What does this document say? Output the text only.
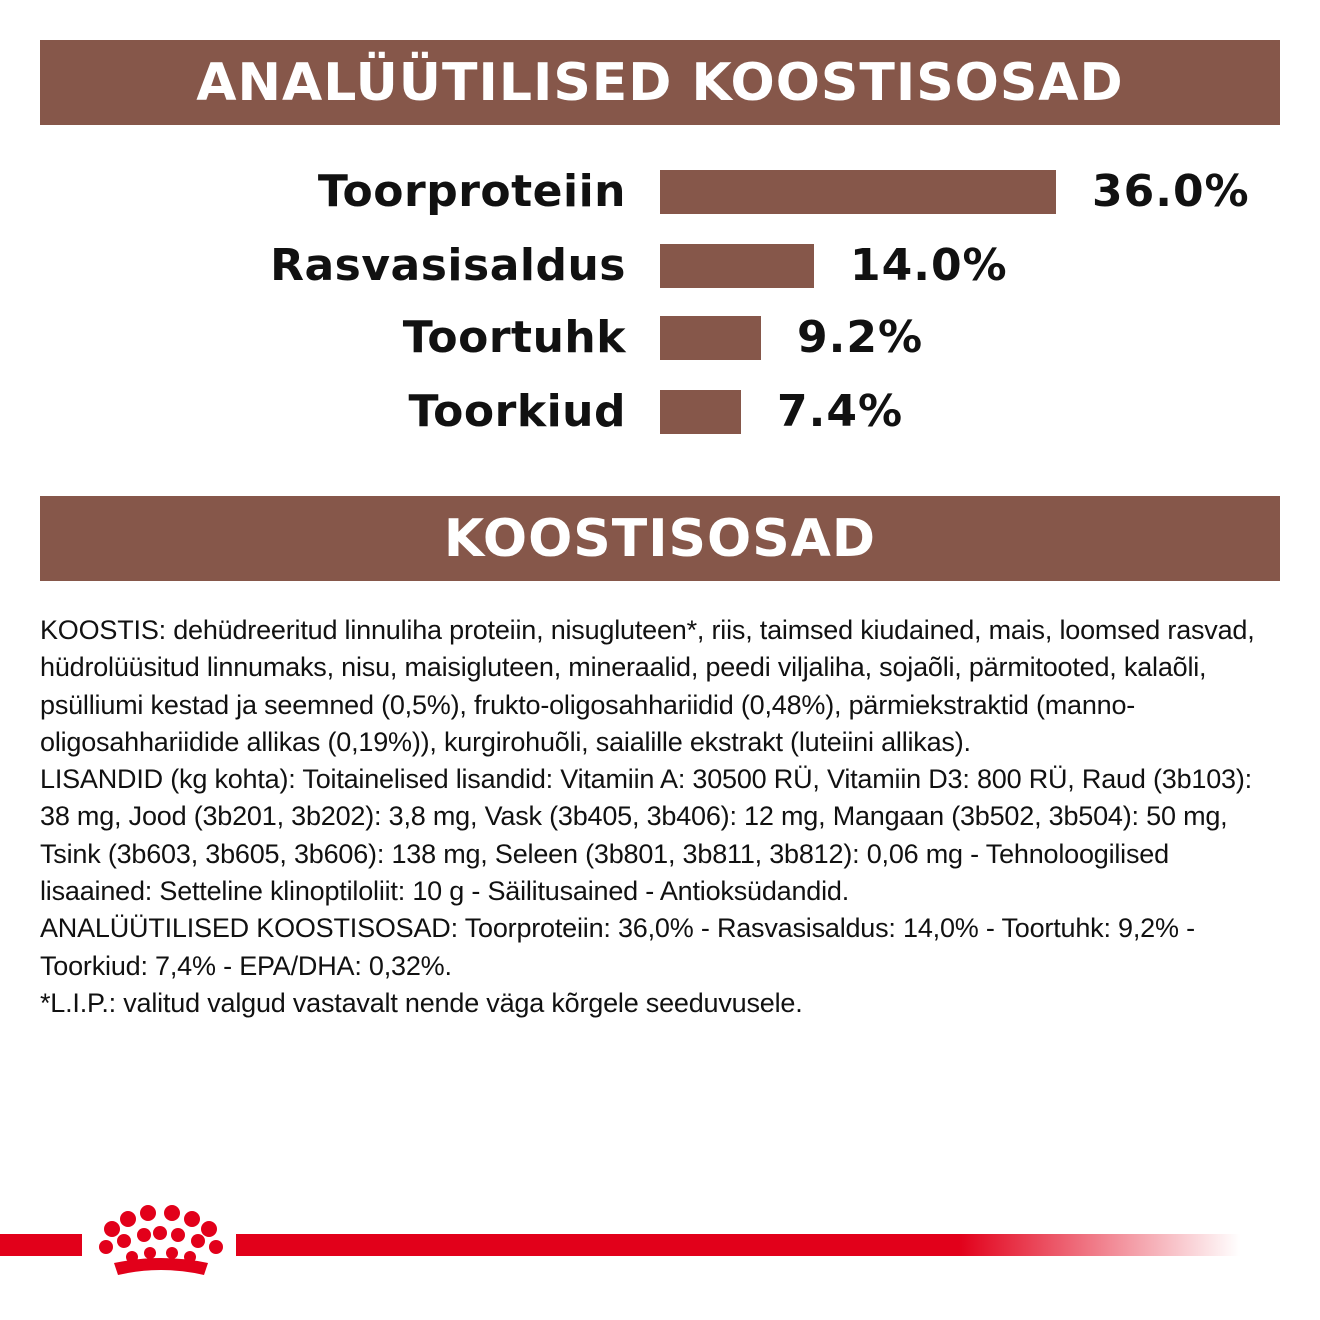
ANALÜÜTILISED KOOSTISOSAD
Toorproteiin	36.0%
Rasvasisaldus	14.0%
Toortuhk	9.2%
Toorkiud	7.4%
KOOSTISOSAD

KOOSTIS: dehüdreeritud linnuliha proteiin, nisugluteen*, riis, taimsed kiudained, mais, loomsed rasvad, hüdrolüüsitud linnumaks, nisu, maisigluteen, mineraalid, peedi viljaliha, sojaõli, pärmitooted, kalaõli, psülliumi kestad ja seemned (0,5%), frukto-oligosahhariidid (0,48%), pärmiekstraktid (manno-oligosahhariidide allikas (0,19%)), kurgirohuõli, saialille ekstrakt (luteiini allikas).

LISANDID (kg kohta): Toitainelised lisandid: Vitamiin A: 30500 RÜ, Vitamiin D3: 800 RÜ, Raud (3b103): 38 mg, Jood (3b201, 3b202): 3,8 mg, Vask (3b405, 3b406): 12 mg, Mangaan (3b502, 3b504): 50 mg, Tsink (3b603, 3b605, 3b606): 138 mg, Seleen (3b801, 3b811, 3b812): 0,06 mg - Tehnoloogilised lisaained: Setteline klinoptiloliit: 10 g - Säilitusained - Antioksüdandid.

ANALÜÜTILISED KOOSTISOSAD: Toorproteiin: 36,0% - Rasvasisaldus: 14,0% - Toortuhk: 9,2% - Toorkiud: 7,4% - EPA/DHA: 0,32%.

*L.I.P.: valitud valgud vastavalt nende väga kõrgele seeduvusele.
